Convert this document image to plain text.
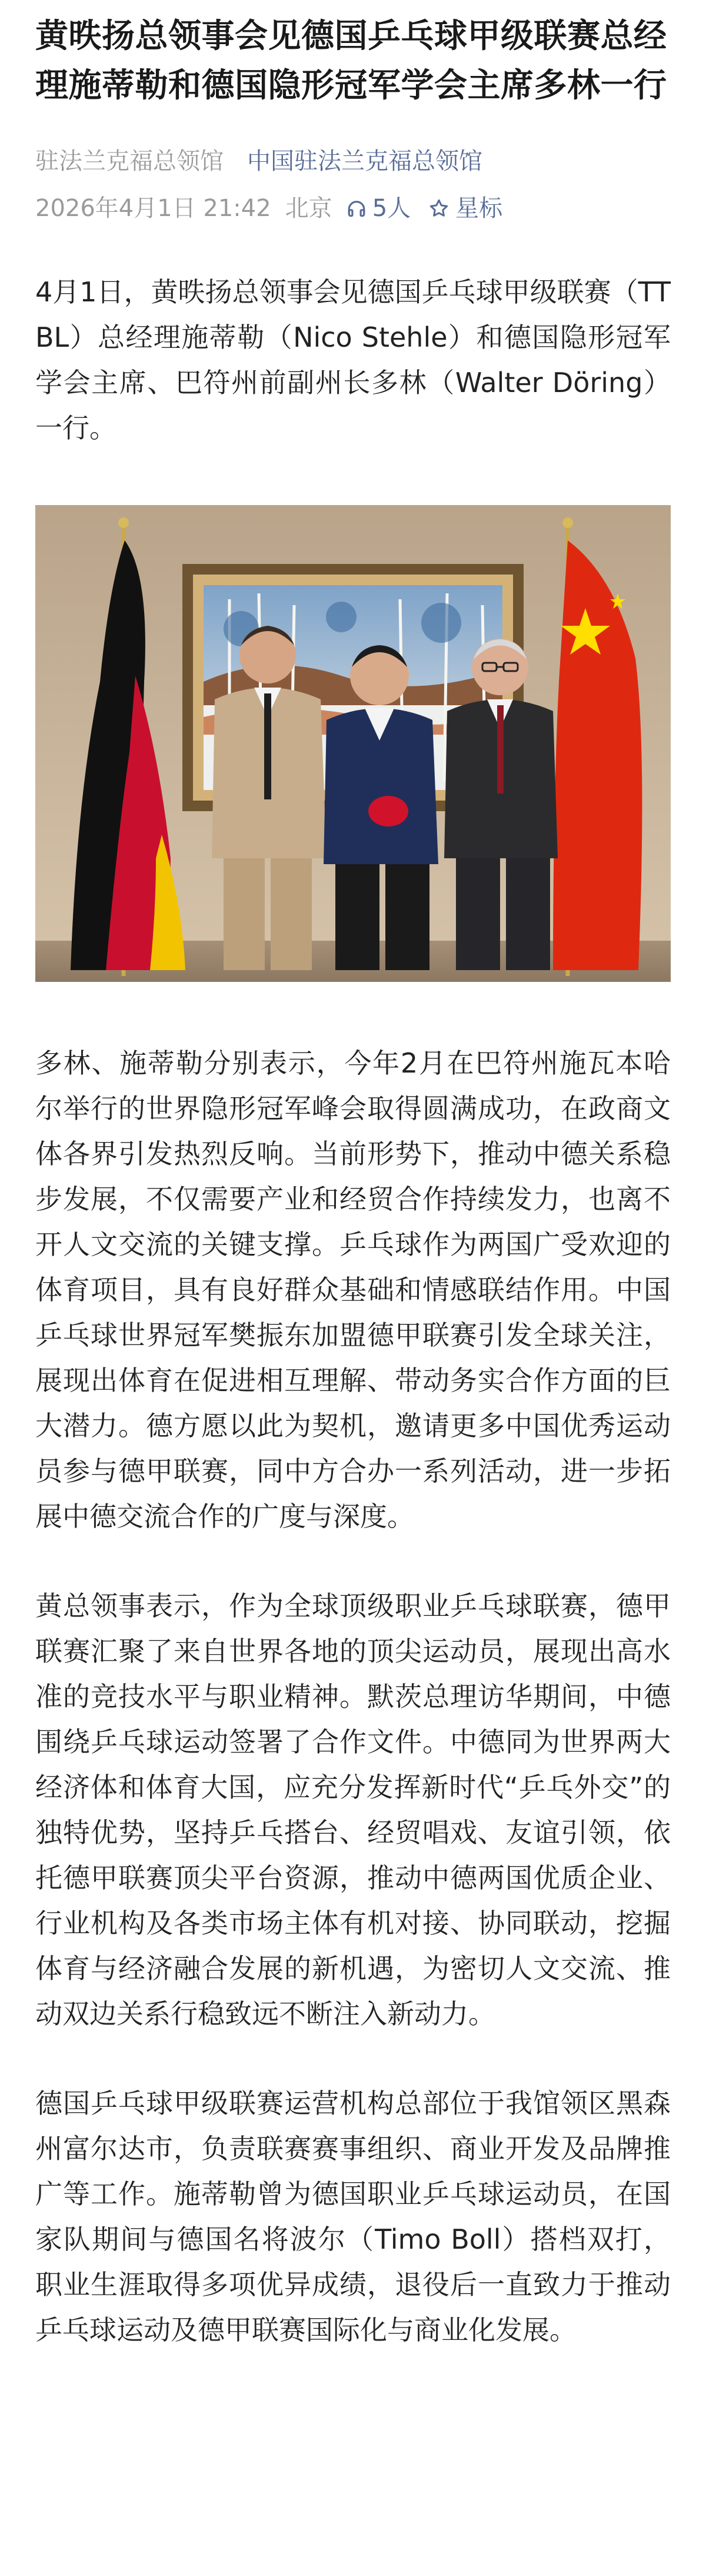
黄昳扬总领事会见德国乒乓球甲级联赛总经理施蒂勒和德国隐形冠军学会主席多林一行
驻法兰克福总领馆 中国驻法兰克福总领馆
2026年4月1日 21:42 北京 5人 星标

4月1日，黄昳扬总领事会见德国乒乓球甲级联赛（TTBL）总经理施蒂勒（Nico Stehle）和德国隐形冠军学会主席、巴符州前副州长多林（Walter Döring）一行。

多林、施蒂勒分别表示，今年2月在巴符州施瓦本哈尔举行的世界隐形冠军峰会取得圆满成功，在政商文体各界引发热烈反响。当前形势下，推动中德关系稳步发展，不仅需要产业和经贸合作持续发力，也离不开人文交流的关键支撑。乒乓球作为两国广受欢迎的体育项目，具有良好群众基础和情感联结作用。中国乒乓球世界冠军樊振东加盟德甲联赛引发全球关注，展现出体育在促进相互理解、带动务实合作方面的巨大潜力。德方愿以此为契机，邀请更多中国优秀运动员参与德甲联赛，同中方合办一系列活动，进一步拓展中德交流合作的广度与深度。

黄总领事表示，作为全球顶级职业乒乓球联赛，德甲联赛汇聚了来自世界各地的顶尖运动员，展现出高水准的竞技水平与职业精神。默茨总理访华期间，中德围绕乒乓球运动签署了合作文件。中德同为世界两大经济体和体育大国，应充分发挥新时代“乒乓外交”的独特优势，坚持乒乓搭台、经贸唱戏、友谊引领，依托德甲联赛顶尖平台资源，推动中德两国优质企业、行业机构及各类市场主体有机对接、协同联动，挖掘体育与经济融合发展的新机遇，为密切人文交流、推动双边关系行稳致远不断注入新动力。

德国乒乓球甲级联赛运营机构总部位于我馆领区黑森州富尔达市，负责联赛赛事组织、商业开发及品牌推广等工作。施蒂勒曾为德国职业乒乓球运动员，在国家队期间与德国名将波尔（Timo Boll）搭档双打，职业生涯取得多项优异成绩，退役后一直致力于推动乒乓球运动及德甲联赛国际化与商业化发展。
